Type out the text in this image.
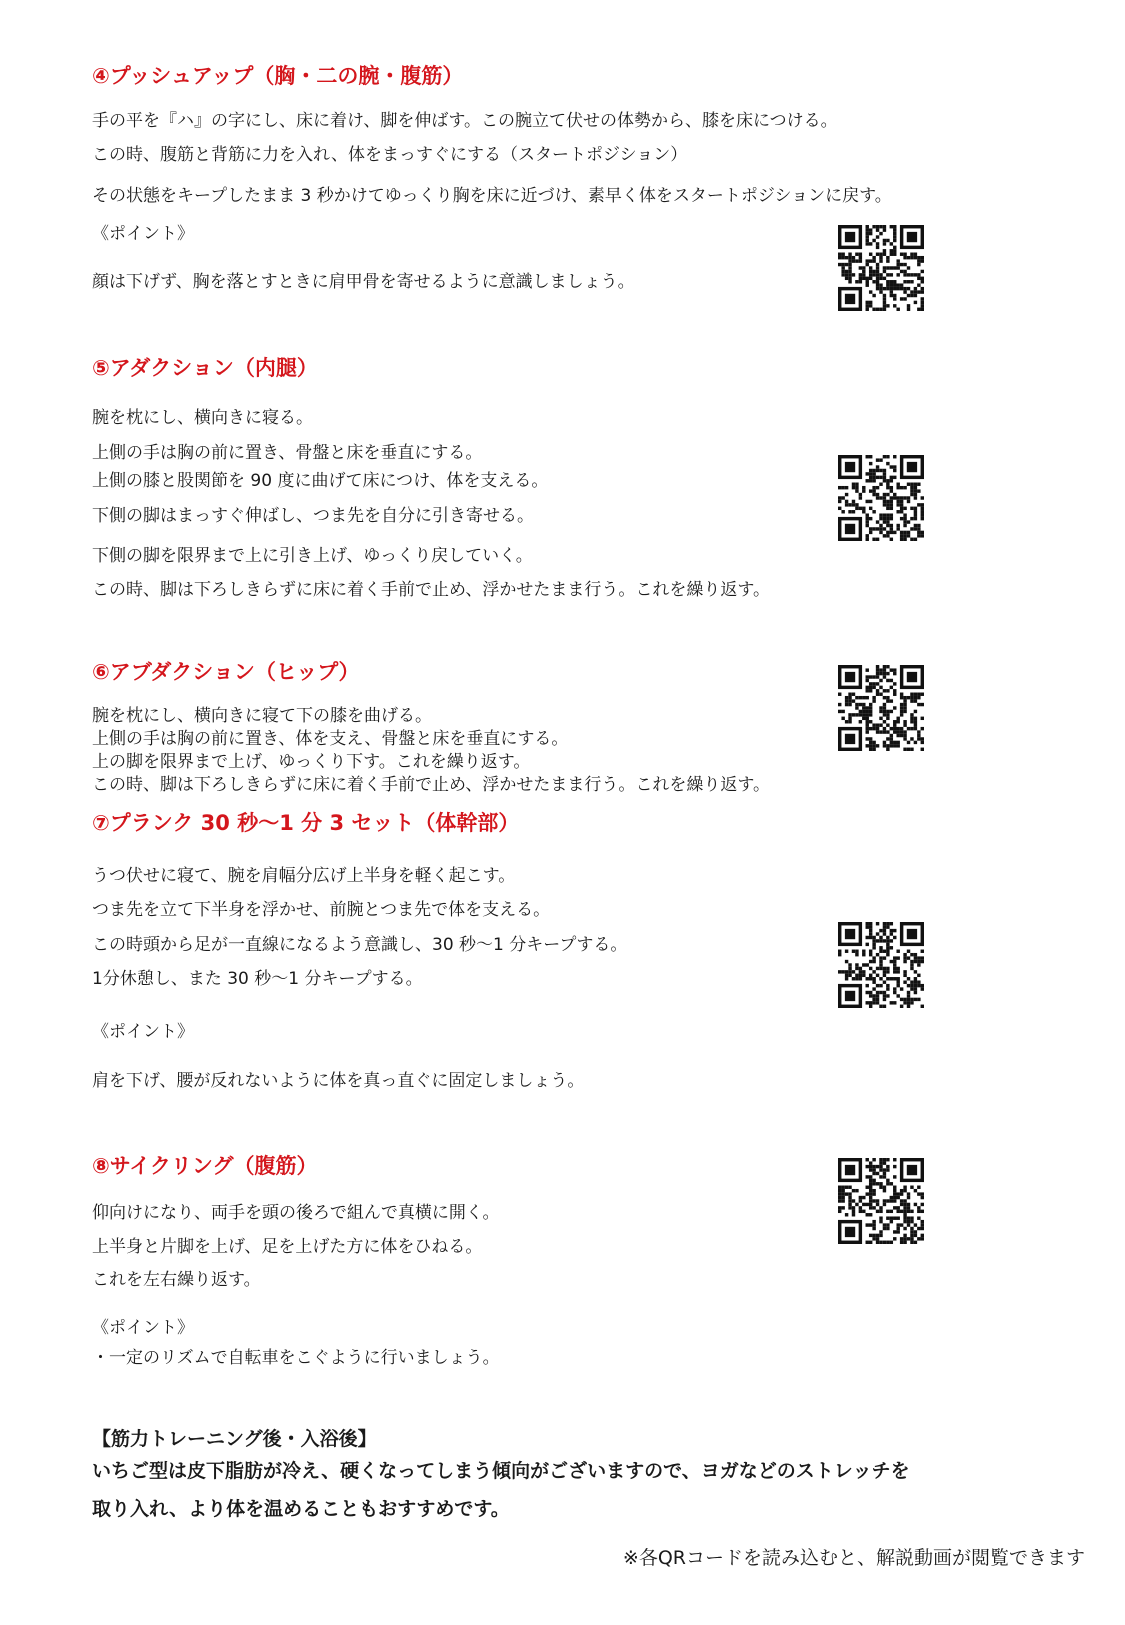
④プッシュアップ（胸・二の腕・腹筋）
手の平を『ハ』の字にし、床に着け、脚を伸ばす。この腕立て伏せの体勢から、膝を床につける。
この時、腹筋と背筋に力を入れ、体をまっすぐにする（スタートポジション）
その状態をキープしたまま 3 秒かけてゆっくり胸を床に近づけ、素早く体をスタートポジションに戻す。
《ポイント》
顔は下げず、胸を落とすときに肩甲骨を寄せるように意識しましょう。
⑤アダクション（内腿）
腕を枕にし、横向きに寝る。
上側の手は胸の前に置き、骨盤と床を垂直にする。
上側の膝と股関節を 90 度に曲げて床につけ、体を支える。
下側の脚はまっすぐ伸ばし、つま先を自分に引き寄せる。
下側の脚を限界まで上に引き上げ、ゆっくり戻していく。
この時、脚は下ろしきらずに床に着く手前で止め、浮かせたまま行う。これを繰り返す。
⑥アブダクション（ヒップ）
腕を枕にし、横向きに寝て下の膝を曲げる。
上側の手は胸の前に置き、体を支え、骨盤と床を垂直にする。
上の脚を限界まで上げ、ゆっくり下す。これを繰り返す。
この時、脚は下ろしきらずに床に着く手前で止め、浮かせたまま行う。これを繰り返す。
⑦プランク 30 秒～1 分 3 セット（体幹部）
うつ伏せに寝て、腕を肩幅分広げ上半身を軽く起こす。
つま先を立て下半身を浮かせ、前腕とつま先で体を支える。
この時頭から足が一直線になるよう意識し、30 秒～1 分キープする。
1分休憩し、また 30 秒～1 分キープする。
《ポイント》
肩を下げ、腰が反れないように体を真っ直ぐに固定しましょう。
⑧サイクリング（腹筋）
仰向けになり、両手を頭の後ろで組んで真横に開く。
上半身と片脚を上げ、足を上げた方に体をひねる。
これを左右繰り返す。
《ポイント》
・一定のリズムで自転車をこぐように行いましょう。
【筋力トレーニング後・入浴後】
いちご型は皮下脂肪が冷え、硬くなってしまう傾向がございますので、ヨガなどのストレッチを
取り入れ、より体を温めることもおすすめです。
※各QRコードを読み込むと、解説動画が閲覧できます
